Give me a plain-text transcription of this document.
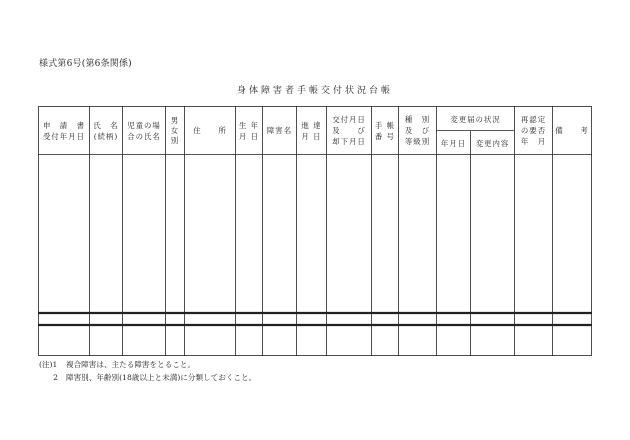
様式第6号(第6条関係)
身体障害者手帳交付状況台帳
申　請　書
受付年月日
氏　名
(続柄)
児童の場
合の氏名
男
女
別
住　　所
生 年
月 日
障害名
進 達
月 日
交付月日
及　　び
却下月日
手 帳
番 号
種　別
及　び
等級別
変更届の状況
年月日 変更内容
再認定
の要否
年　月
備　　考
(注)1	複合障害は、主たる障害をとること。
2	障害別、年齢別(18歳以上と未満)に分類しておくこと。
